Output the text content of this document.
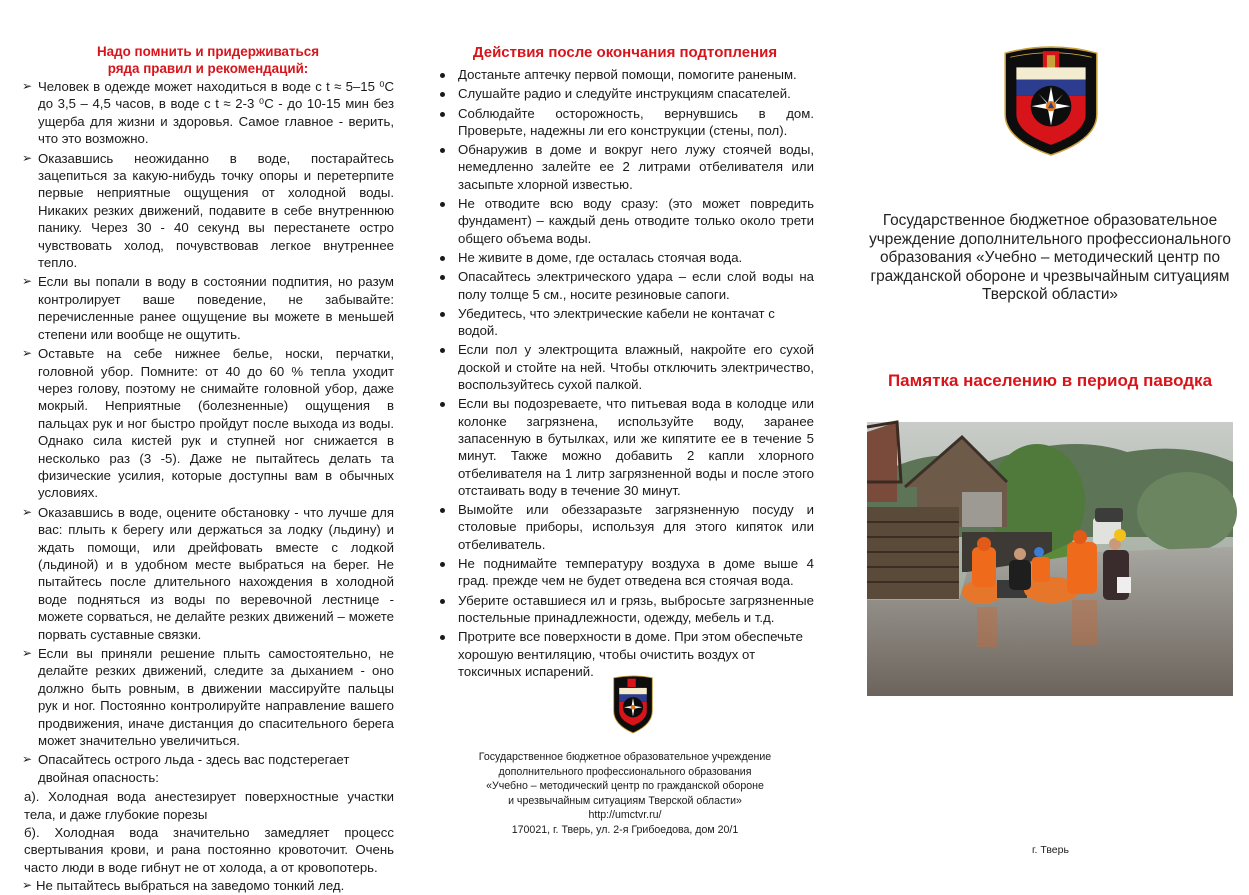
Надо помнить и придерживаться
ряда правил и рекомендаций:
➢ Человек в одежде может находиться в воде с t ≈ 5–15 ⁰С до 3,5 – 4,5 часов, в воде с t ≈ 2-3 ⁰С - до 10-15 мин без ущерба для жизни и здоровья. Самое главное - верить, что это возможно.
➢ Оказавшись неожиданно в воде, постарайтесь зацепиться за какую-нибудь точку опоры и перетерпите первые неприятные ощущения от холодной воды. Никаких резких движений, подавите в себе внутреннюю панику. Через 30 - 40 секунд вы перестанете остро чувствовать холод, почувствовав легкое внутреннее тепло.
➢ Если вы попали в воду в состоянии подпития, но разум контролирует ваше поведение, не забывайте: перечисленные ранее ощущение вы можете в меньшей степени или вообще не ощутить.
➢ Оставьте на себе нижнее белье, носки, перчатки, головной убор. Помните: от 40 до 60 % тепла уходит через голову, поэтому не снимайте головной убор, даже мокрый. Неприятные (болезненные) ощущения в пальцах рук и ног быстро пройдут после выхода из воды. Однако сила кистей рук и ступней ног снижается в несколько раз (3 -5). Даже не пытайтесь делать та физические усилия, которые доступны вам в обычных условиях.
➢ Оказавшись в воде, оцените обстановку - что лучше для вас: плыть к берегу или держаться за лодку (льдину) и ждать помощи, или дрейфовать вместе с лодкой (льдиной) и в удобном месте выбраться на берег. Не пытайтесь после длительного нахождения в холодной воде подняться из воды по веревочной лестнице - можете сорваться, не делайте резких движений – можете порвать суставные связки.
➢ Если вы приняли решение плыть самостоятельно, не делайте резких движений, следите за дыханием - оно должно быть ровным, в движении массируйте пальцы рук и ног. Постоянно контролируйте направление вашего продвижения, иначе дистанция до спасительного берега может значительно увеличиться.
➢ Опасайтесь острого льда - здесь вас подстерегает двойная опасность:
а). Холодная вода анестезирует поверхностные участки тела, и даже глубокие порезы
б). Холодная вода значительно замедляет процесс свертывания крови, и рана постоянно кровоточит. Очень часто люди в воде гибнут не от холода, а от кровопотерь.
➢ Не пытайтесь выбраться на заведомо тонкий лед.
Действия после окончания подтопления
Достаньте аптечку первой помощи, помогите раненым.
Слушайте радио и следуйте инструкциям спасателей.
Соблюдайте осторожность, вернувшись в дом. Проверьте, надежны ли его конструкции (стены, пол).
Обнаружив в доме и вокруг него лужу стоячей воды, немедленно залейте ее 2 литрами отбеливателя или засыпьте хлорной известью.
Не отводите всю воду сразу: (это может повредить фундамент) – каждый день отводите только около трети общего объема воды.
Не живите в доме, где осталась стоячая вода.
Опасайтесь электрического удара – если слой воды на полу толще 5 см., носите резиновые сапоги.
Убедитесь, что электрические кабели не контачат с водой.
Если пол у электрощита влажный, накройте его сухой доской и стойте на ней. Чтобы отключить электричество, воспользуйтесь сухой палкой.
Если вы подозреваете, что питьевая вода в колодце или колонке загрязнена, используйте воду, заранее запасенную в бутылках, или же кипятите ее в течение 5 минут. Также можно добавить 2 капли хлорного отбеливателя на 1 литр загрязненной воды и после этого отстаивать воду в течение 30 минут.
Вымойте или обеззаразьте загрязненную посуду и столовые приборы, используя для этого кипяток или отбеливатель.
Не поднимайте температуру воздуха в доме выше 4 град. прежде чем не будет отведена вся стоячая вода.
Уберите оставшиеся ил и грязь, выбросьте загрязненные постельные принадлежности, одежду, мебель и т.д.
Протрите все поверхности в доме. При этом обеспечьте хорошую вентиляцию, чтобы очистить воздух от токсичных испарений.
Государственное бюджетное образовательное учреждение
дополнительного профессионального образования
«Учебно – методический центр по гражданской обороне
и чрезвычайным ситуациям Тверской области»
http://umctvr.ru/
170021, г. Тверь, ул. 2-я Грибоедова, дом 20/1
Государственное бюджетное образовательное
учреждение дополнительного профессионального
образования «Учебно – методический центр по
гражданской обороне и чрезвычайным ситуациям
Тверской области»
Памятка населению в период паводка
г. Тверь
